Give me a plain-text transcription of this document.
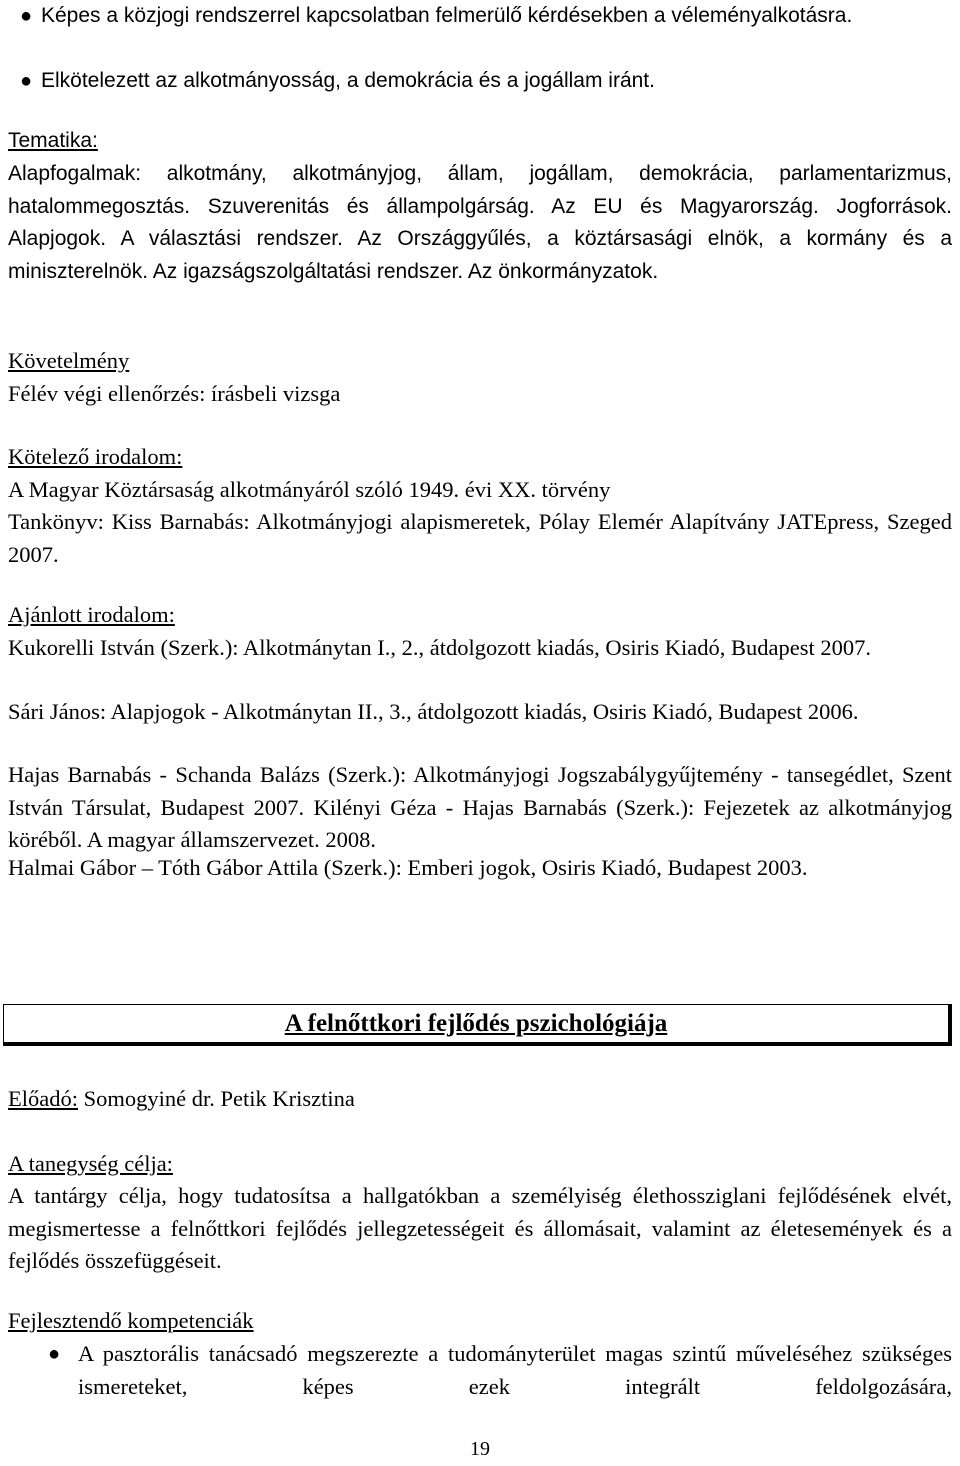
● Képes a közjogi rendszerrel kapcsolatban felmerülő kérdésekben a véleményalkotásra.
● Elkötelezett az alkotmányosság, a demokrácia és a jogállam iránt.
Tematika:
Alapfogalmak: alkotmány, alkotmányjog, állam, jogállam, demokrácia, parlamentarizmus, hatalommegosztás. Szuverenitás és állampolgárság. Az EU és Magyarország. Jogforrások. Alapjogok. A választási rendszer. Az Országgyűlés, a köztársasági elnök, a kormány és a miniszterelnök. Az igazságszolgáltatási rendszer. Az önkormányzatok.
Követelmény
Félév végi ellenőrzés: írásbeli vizsga
Kötelező irodalom:
A Magyar Köztársaság alkotmányáról szóló 1949. évi XX. törvény
Tankönyv: Kiss Barnabás: Alkotmányjogi alapismeretek, Pólay Elemér Alapítvány JATEpress, Szeged 2007.
Ajánlott irodalom:
Kukorelli István (Szerk.): Alkotmánytan I., 2., átdolgozott kiadás, Osiris Kiadó, Budapest 2007.
Sári János: Alapjogok - Alkotmánytan II., 3., átdolgozott kiadás, Osiris Kiadó, Budapest 2006.
Hajas Barnabás - Schanda Balázs (Szerk.): Alkotmányjogi Jogszabálygyűjtemény - tansegédlet, Szent István Társulat, Budapest 2007. Kilényi Géza - Hajas Barnabás (Szerk.): Fejezetek az alkotmányjog köréből. A magyar államszervezet. 2008.
Halmai Gábor – Tóth Gábor Attila (Szerk.): Emberi jogok, Osiris Kiadó, Budapest 2003.
A felnőttkori fejlődés pszichológiája
Előadó: Somogyiné dr. Petik Krisztina
A tanegység célja:
A tantárgy célja, hogy tudatosítsa a hallgatókban a személyiség élethossziglani fejlődésének elvét, megismertesse a felnőttkori fejlődés jellegzetességeit és állomásait, valamint az életesemények és a fejlődés összefüggéseit.
Fejlesztendő kompetenciák
● A pasztorális tanácsadó megszerezte a tudományterület magas szintű műveléséhez szükséges ismereteket, képes ezek integrált feldolgozására,
19
